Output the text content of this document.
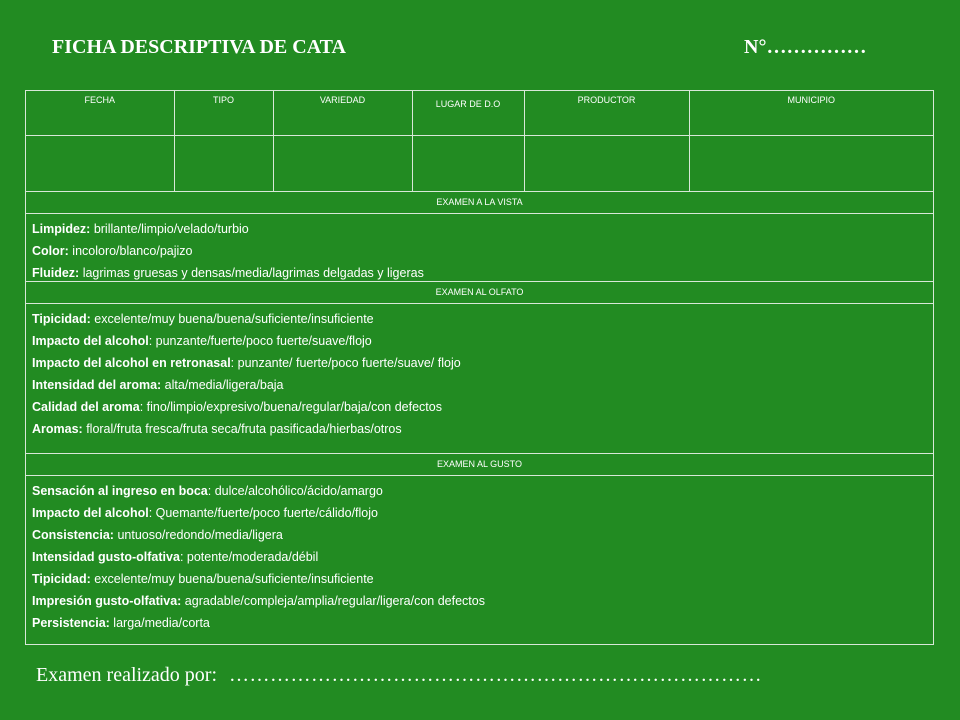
FICHA DESCRIPTIVA DE CATA	N°……………
FECHA	TIPO	VARIEDAD	LUGAR DE D.O	PRODUCTOR	MUNICIPIO

EXAMEN A LA VISTA
Limpidez: brillante/limpio/velado/turbio
Color: incoloro/blanco/pajizo
Fluidez: lagrimas gruesas y densas/media/lagrimas delgadas y ligeras
EXAMEN AL OLFATO
Tipicidad: excelente/muy buena/buena/suficiente/insuficiente
Impacto del alcohol: punzante/fuerte/poco fuerte/suave/flojo
Impacto del alcohol en retronasal: punzante/ fuerte/poco fuerte/suave/ flojo
Intensidad del aroma: alta/media/ligera/baja
Calidad del aroma: fino/limpio/expresivo/buena/regular/baja/con defectos
Aromas: floral/fruta fresca/fruta seca/fruta pasificada/hierbas/otros
EXAMEN AL GUSTO
Sensación al ingreso en boca: dulce/alcohólico/ácido/amargo
Impacto del alcohol: Quemante/fuerte/poco fuerte/cálido/flojo
Consistencia: untuoso/redondo/media/ligera
Intensidad gusto-olfativa: potente/moderada/débil
Tipicidad: excelente/muy buena/buena/suficiente/insuficiente
Impresión gusto-olfativa: agradable/compleja/amplia/regular/ligera/con defectos
Persistencia: larga/media/corta
Examen realizado por: ……………………………………………………………………
